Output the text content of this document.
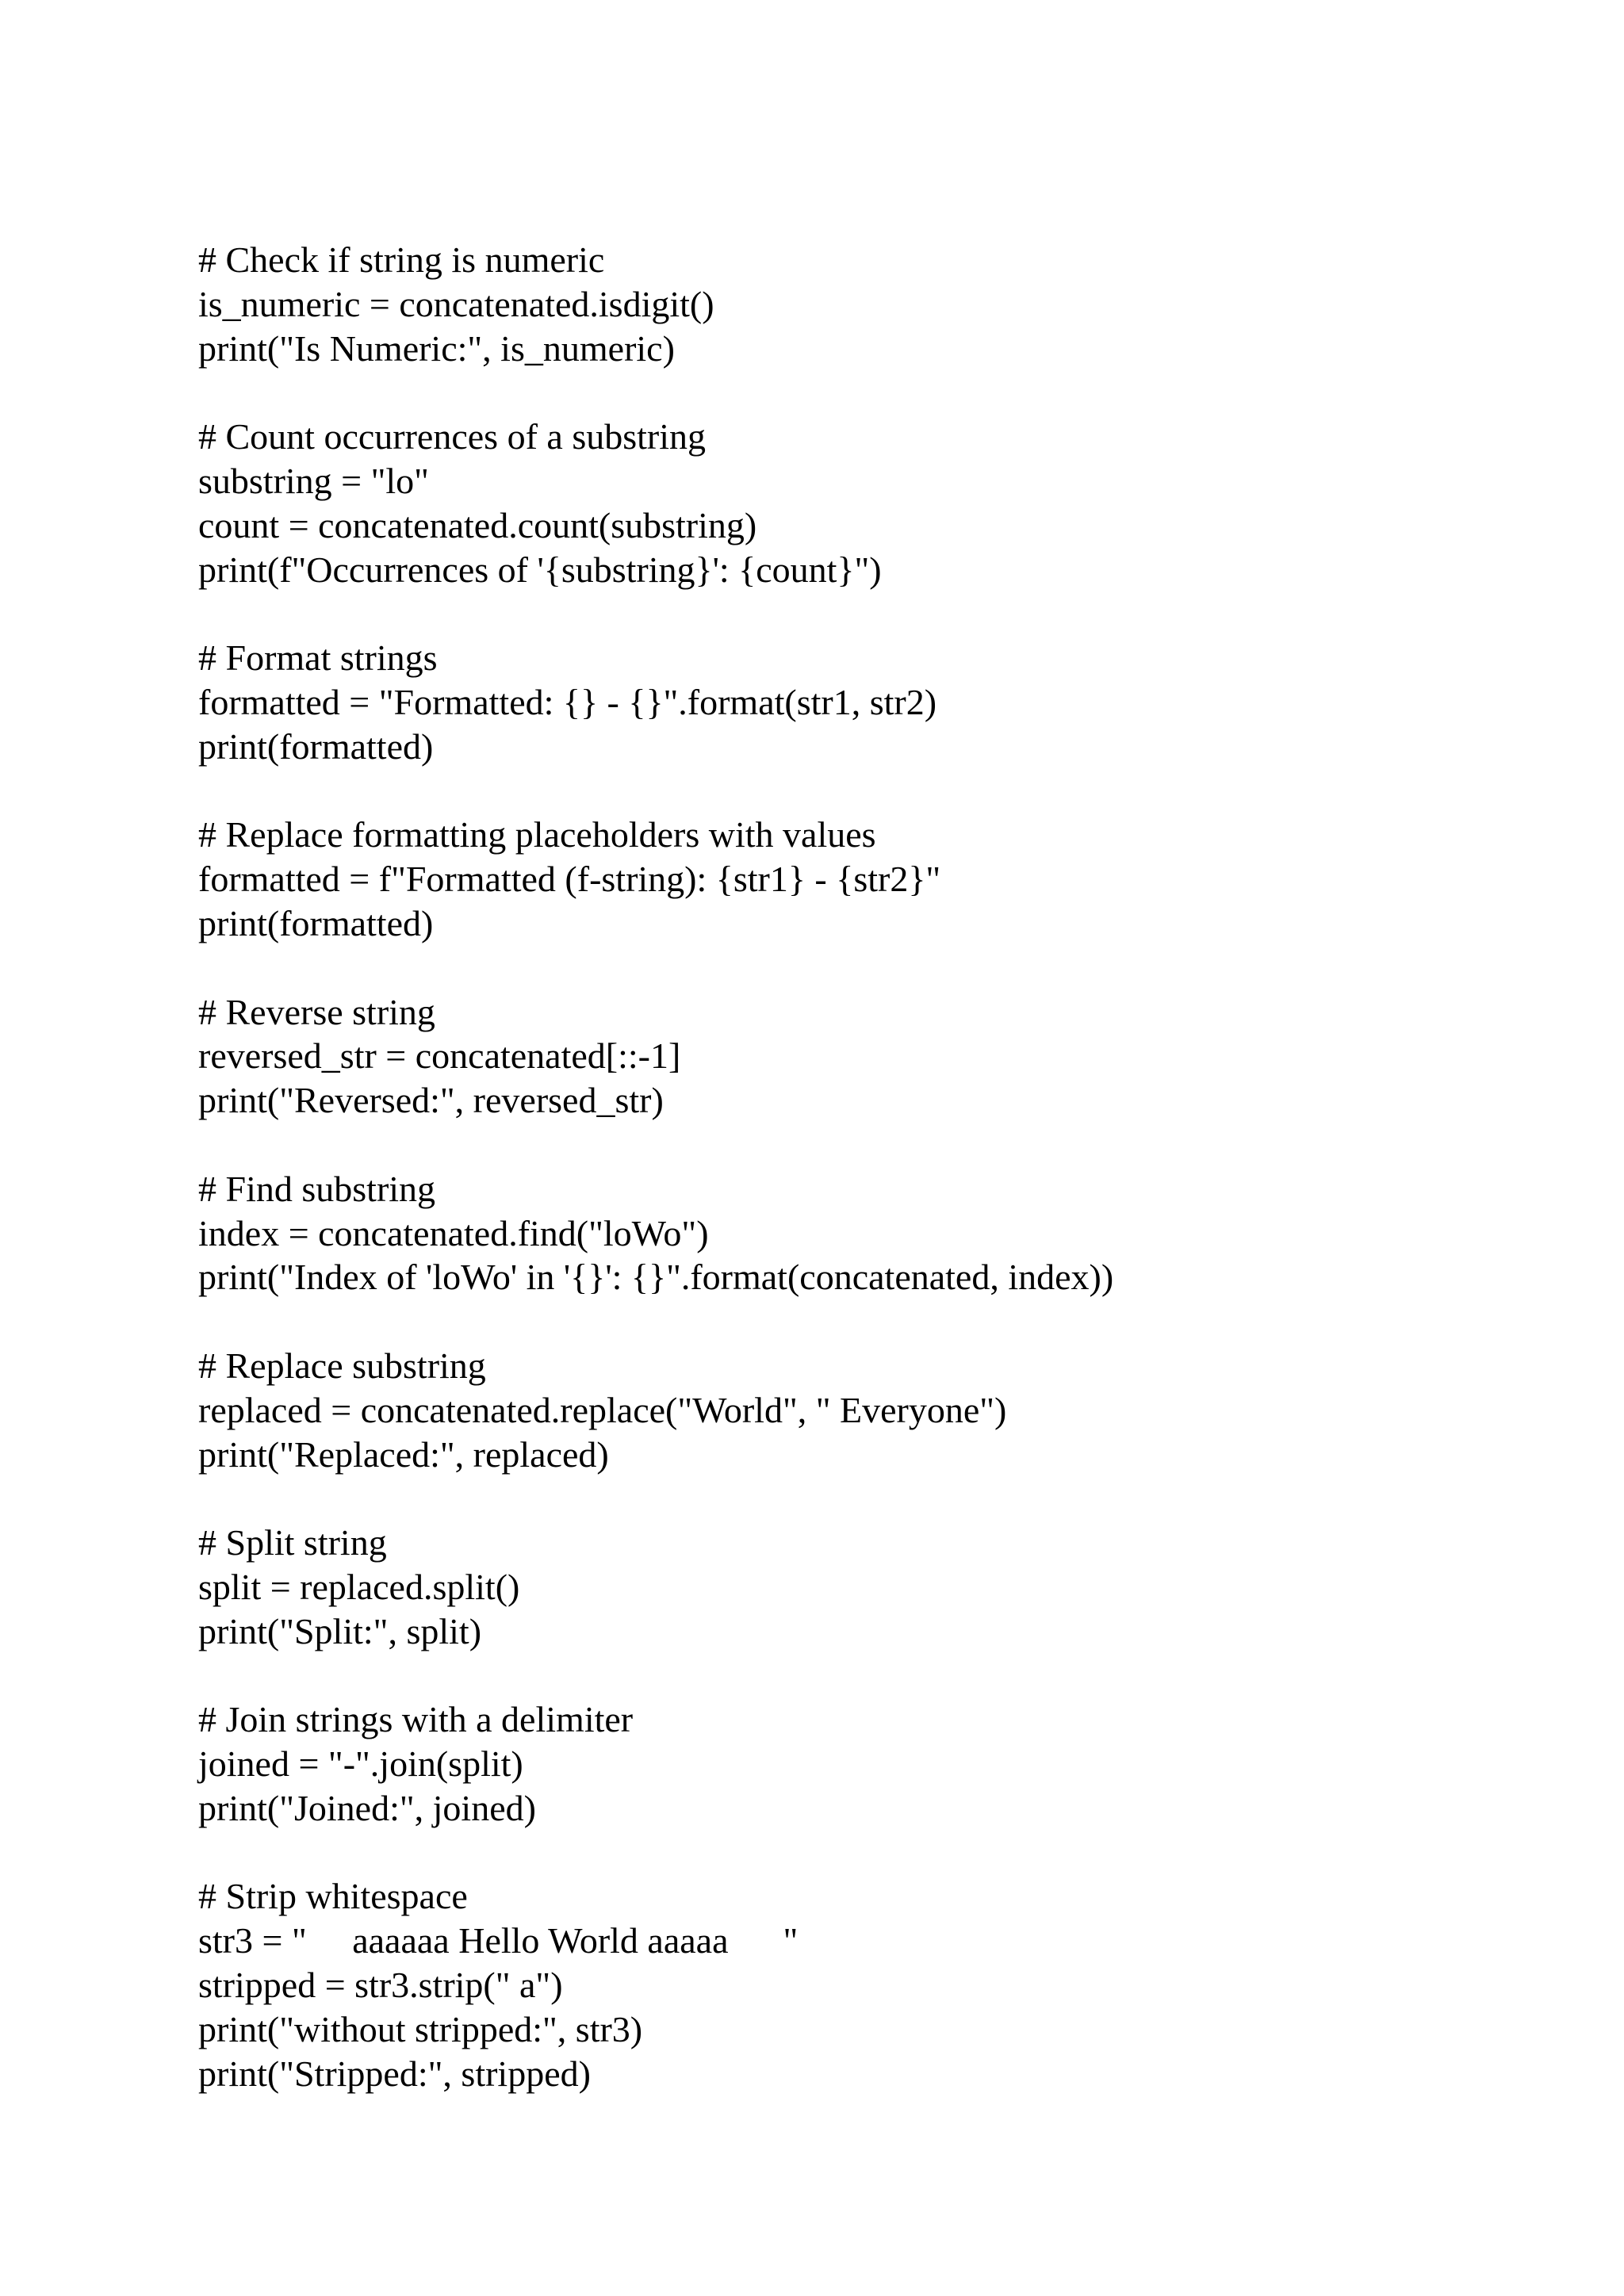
# Check if string is numeric
is_numeric = concatenated.isdigit()
print("Is Numeric:", is_numeric)
# Count occurrences of a substring
substring = "lo"
count = concatenated.count(substring)
print(f"Occurrences of '{substring}': {count}")
# Format strings
formatted = "Formatted: {} - {}".format(str1, str2)
print(formatted)
# Replace formatting placeholders with values
formatted = f"Formatted (f-string): {str1} - {str2}"
print(formatted)
# Reverse string
reversed_str = concatenated[::-1]
print("Reversed:", reversed_str)
# Find substring
index = concatenated.find("loWo")
print("Index of 'loWo' in '{}': {}".format(concatenated, index))
# Replace substring
replaced = concatenated.replace("World", " Everyone")
print("Replaced:", replaced)
# Split string
split = replaced.split()
print("Split:", split)
# Join strings with a delimiter
joined = "-".join(split)
print("Joined:", joined)
# Strip whitespace
str3 = "     aaaaaa Hello World aaaaa      "
stripped = str3.strip(" a")
print("without stripped:", str3)
print("Stripped:", stripped)
